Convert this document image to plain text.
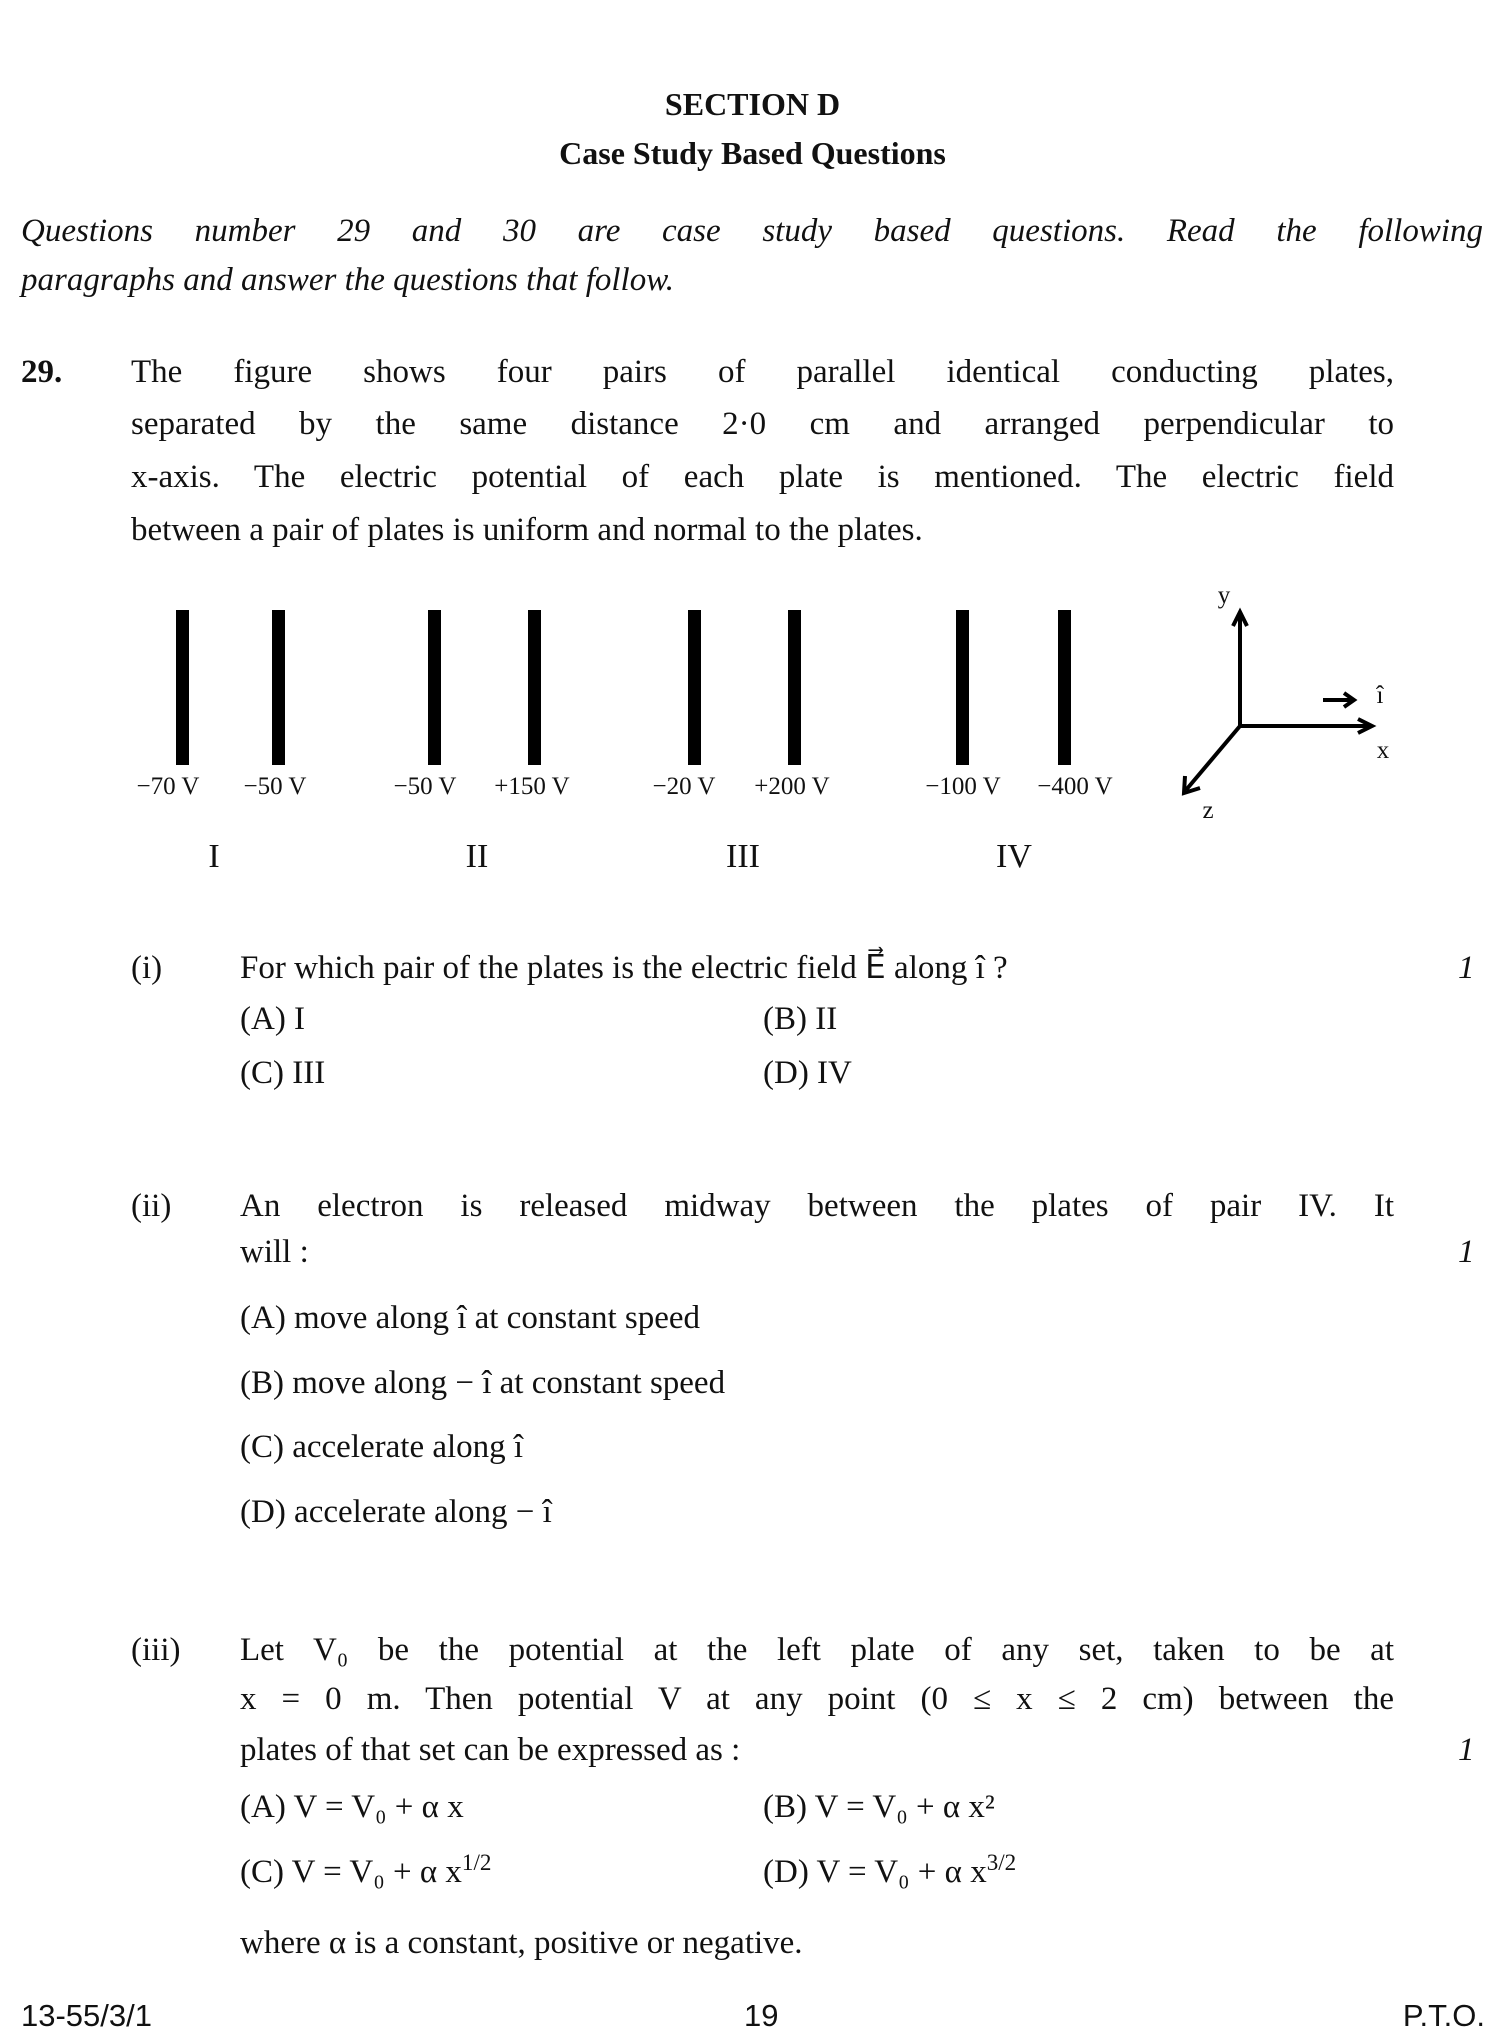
SECTION D
Case Study Based Questions
Questions number 29 and 30 are case study based questions. Read the following
paragraphs and answer the questions that follow.
29. The figure shows four pairs of parallel identical conducting plates,
separated by the same distance 2·0 cm and arranged perpendicular to
x-axis. The electric potential of each plate is mentioned. The electric field
between a pair of plates is uniform and normal to the plates.
−70 V −50 V	−50 V +150 V	−20 V +200 V	−100 V −400 V
I	II	III	IV
y
x
z
î
(i) For which pair of the plates is the electric field E⃗ along î ?	1
(A) I	(B) II
(C) III	(D) IV
(ii) An electron is released midway between the plates of pair IV. It
will :	1
(A) move along î at constant speed
(B) move along − î at constant speed
(C) accelerate along î
(D) accelerate along − î
(iii) Let V₀ be the potential at the left plate of any set, taken to be at
x = 0 m. Then potential V at any point (0 ≤ x ≤ 2 cm) between the
plates of that set can be expressed as :	1
(A) V = V₀ + α x	(B) V = V₀ + α x²
(C) V = V₀ + α $x^{1/2}$	(D) V = V₀ + α $x^{3/2}$
where α is a constant, positive or negative.
13-55/3/1	19	P.T.O.
